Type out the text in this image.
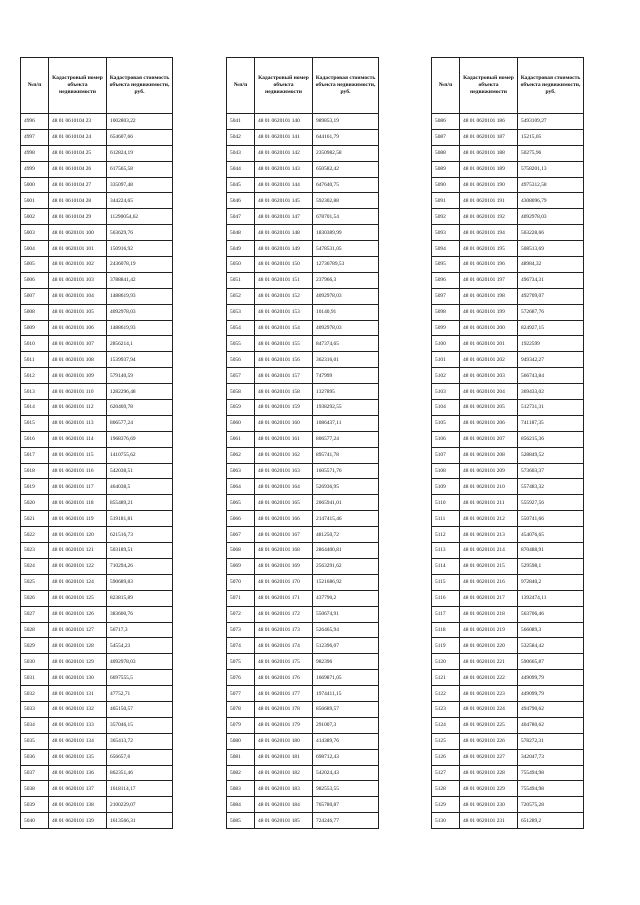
№п/п	Кадастровый номер объекта недвижимости	Кадастровая стоимость объекта недвижимости, руб.
4996	48 01 0610104 23	1002803,22
4997	48 01 0610104 24	654607,66
4998	48 01 0610104 25	612824,19
4999	48 01 0610104 26	617565,58
5000	48 01 0610104 27	335097,48
5001	48 01 0610104 28	344224,65
5002	48 01 0610104 29	11290054,62
5003	48 01 0620101 100	563629,76
5004	48 01 0620101 101	150916,92
5005	48 01 0620101 102	2436078,19
5006	48 01 0620101 103	3788841,42
5007	48 01 0620101 104	1488619,93
5008	48 01 0620101 105	4092978,03
5009	48 01 0620101 106	1488619,93
5010	48 01 0620101 107	2856214,1
5011	48 01 0620101 108	1539937,94
5012	48 01 0620101 109	579140,59
5013	48 01 0620101 110	1282296,48
5014	48 01 0620101 112	620469,78
5015	48 01 0620101 113	806577,24
5016	48 01 0620101 114	1968376,69
5017	48 01 0620101 115	1410755,62
5018	48 01 0620101 116	542038,51
5019	48 01 0620101 117	464038,5
5020	48 01 0620101 118	855489,21
5021	48 01 0620101 119	519181,81
5022	48 01 0620101 120	621516,73
5023	48 01 0620101 121	503189,51
5024	48 01 0620101 122	710294,26
5025	48 01 0620101 124	590689,83
5026	48 01 0620101 125	823815,89
5027	48 01 0620101 126	383600,76
5028	48 01 0620101 127	56717,3
5029	48 01 0620101 128	54554,23
5030	48 01 0620101 129	4092978,03
5031	48 01 0620101 130	6697555,5
5032	48 01 0620101 131	47752,71
5033	48 01 0620101 132	465150,57
5034	48 01 0620101 133	357046,15
5035	48 01 0620101 134	365413,72
5036	48 01 0620101 135	656657,6
5037	48 01 0620101 136	862351,46
5038	48 01 0620101 137	1618114,17
5039	48 01 0620101 138	2100229,07
5040	48 01 0620101 139	1613566,31
№п/п	Кадастровый номер объекта недвижимости	Кадастровая стоимость объекта недвижимости, руб.
5041	48 01 0620101 140	989853,19
5042	48 01 0620101 141	644161,79
5043	48 01 0620101 142	2350982,58
5044	48 01 0620101 143	650582,42
5045	48 01 0620101 144	647640,75
5046	48 01 0620101 145	592302,88
5047	48 01 0620101 147	678701,54
5048	48 01 0620101 148	1830389,99
5049	48 01 0620101 149	5478531,05
5050	48 01 0620101 150	12736789,53
5051	48 01 0620101 151	237966,3
5052	48 01 0620101 152	4092978,03
5053	48 01 0620101 153	10140,91
5054	48 01 0620101 154	4092978,03
5055	48 01 0620101 155	847374,65
5056	48 01 0620101 156	362316,01
5057	48 01 0620101 157	747999
5058	48 01 0620101 158	1327895
5059	48 01 0620101 159	1938292,55
5060	48 01 0620101 160	1086437,11
5061	48 01 0620101 161	806577,24
5062	48 01 0620101 162	895741,78
5063	48 01 0620101 163	1605571,76
5064	48 01 0620101 164	526936,95
5065	48 01 0620101 165	2065941,01
5066	48 01 0620101 166	2147415,46
5067	48 01 0620101 167	481250,72
5068	48 01 0620101 168	2864400,81
5069	48 01 0620101 169	2563291,62
5070	48 01 0620101 170	1521686,92
5071	48 01 0620101 171	437790,2
5072	48 01 0620101 172	550674,91
5073	48 01 0620101 173	526465,94
5074	48 01 0620101 174	512396,07
5075	48 01 0620101 175	982396
5076	48 01 0620101 176	1669871,05
5077	48 01 0620101 177	1974411,15
5078	48 01 0620101 178	856689,57
5079	48 01 0620101 179	291007,3
5080	48 01 0620101 180	414389,76
5081	48 01 0620101 181	698712,43
5082	48 01 0620101 182	542024,43
5083	48 01 0620101 183	982553,55
5084	48 01 0620101 184	765780,87
5085	48 01 0620101 185	724246,77
№п/п	Кадастровый номер объекта недвижимости	Кадастровая стоимость объекта недвижимости, руб.
5086	48 01 0620101 186	5493109,27
5087	48 01 0620101 187	15215,05
5088	48 01 0620101 188	50275,96
5089	48 01 0620101 189	5758201,13
5090	48 01 0620101 190	4975312,58
5091	48 01 0620101 191	4308096,79
5092	48 01 0620101 192	4092978,03
5093	48 01 0620101 194	563228,66
5094	48 01 0620101 195	508513,69
5095	48 01 0620101 196	48984,32
5096	48 01 0620101 197	496734,31
5097	48 01 0620101 198	492709,07
5098	48 01 0620101 199	572687,76
5099	48 01 0620101 200	824927,15
5100	48 01 0620101 201	1922599
5101	48 01 0620101 202	949342,27
5102	48 01 0620101 203	566743,84
5103	48 01 0620101 204	369433,02
5104	48 01 0620101 205	512731,31
5105	48 01 0620101 206	741187,35
5106	48 01 0620101 207	856215,36
5107	48 01 0620101 208	528849,52
5108	48 01 0620101 209	573603,37
5109	48 01 0620101 210	557483,32
5110	48 01 0620101 211	555927,56
5111	48 01 0620101 212	550741,66
5112	48 01 0620101 213	454076,65
5113	48 01 0620101 214	870488,91
5114	48 01 0620101 215	529598,1
5115	48 01 0620101 216	972840,2
5116	48 01 0620101 217	1392474,11
5117	48 01 0620101 218	563706,46
5118	48 01 0620101 219	566089,3
5119	48 01 0620101 220	532584,42
5120	48 01 0620101 221	590665,87
5121	48 01 0620101 222	449099,79
5122	48 01 0620101 223	449099,79
5123	48 01 0620101 224	494790,62
5124	48 01 0620101 225	404780,62
5125	48 01 0620101 226	578272,31
5126	48 01 0620101 227	342047,73
5127	48 01 0620101 228	755494,98
5128	48 01 0620101 229	755494,98
5129	48 01 0620101 230	720575,28
5130	48 01 0620101 231	651289,2
